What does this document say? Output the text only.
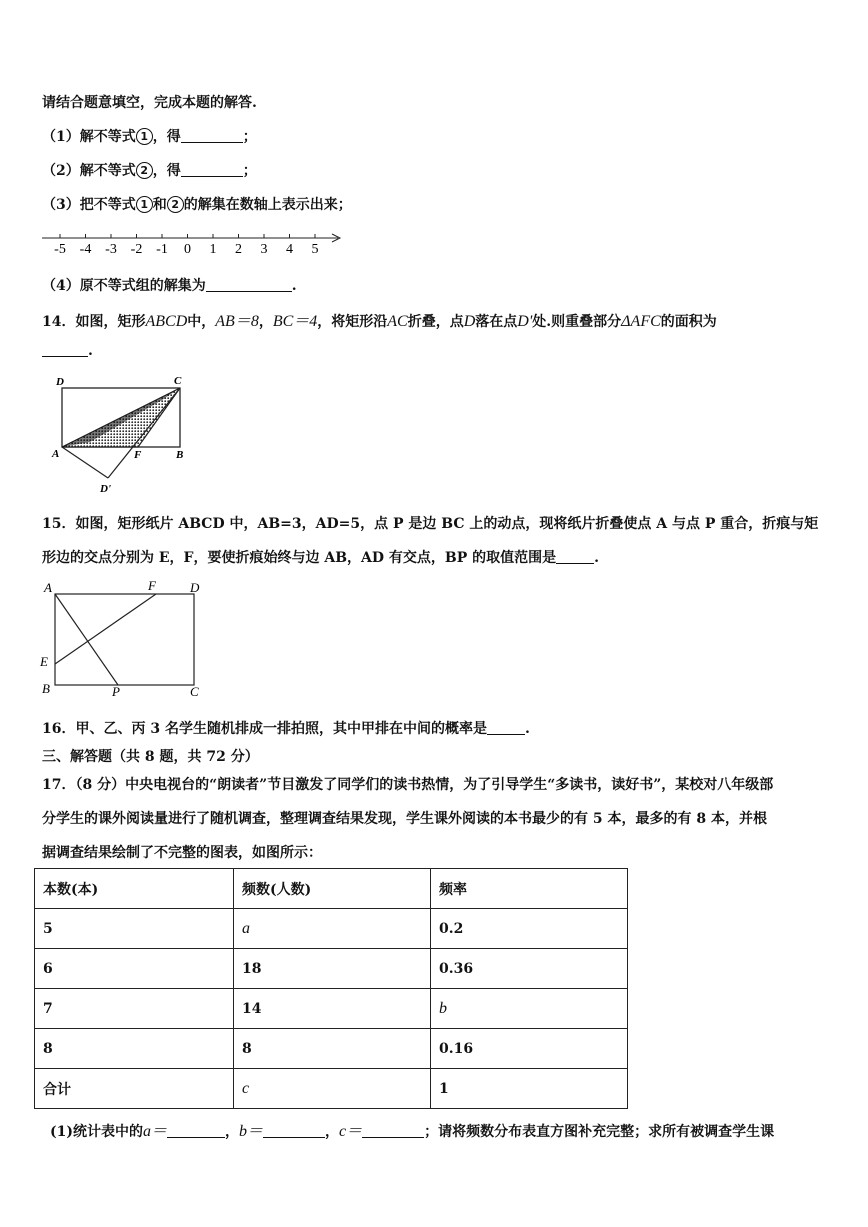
请结合题意填空，完成本题的解答.
（1）解不等式 1 ，得	；
（2）解不等式 2 ，得	；
（3）把不等式 1 和 2 的解集在数轴上表示出来；
-5 -4 -3 -2 -1 0 1 2 3 4 5
（4）原不等式组的解集为	.
14．如图，矩形ABCD中，AB＝8，BC＝4，将矩形沿AC折叠，点D落在点D'处.则重叠部分ΔAFC的面积为
.
D	C
A	F	B
D'
15．如图，矩形纸片 ABCD 中，AB=3，AD=5，点 P 是边 BC 上的动点，现将纸片折叠使点 A 与点 P 重合，折痕与矩
形边的交点分别为 E，F，要使折痕始终与边 AB，AD 有交点，BP 的取值范围是	.
A	F	D
E
B	P	C
16．甲、乙、丙 3 名学生随机排成一排拍照，其中甲排在中间的概率是	.
三、解答题（共 8 题，共 72 分）
17．（8 分）中央电视台的“朗读者”节目激发了同学们的读书热情，为了引导学生“多读书，读好书”，某校对八年级部
分学生的课外阅读量进行了随机调查，整理调查结果发现，学生课外阅读的本书最少的有 5 本，最多的有 8 本，并根
据调查结果绘制了不完整的图表，如图所示：
本数(本)	频数(人数)	频率
5	a	0.2
6	18	0.36
7	14	b
8	8	0.16
合计	c	1
(1)统计表中的a＝	，b＝	，c＝	；请将频数分布表直方图补充完整；求所有被调查学生课
